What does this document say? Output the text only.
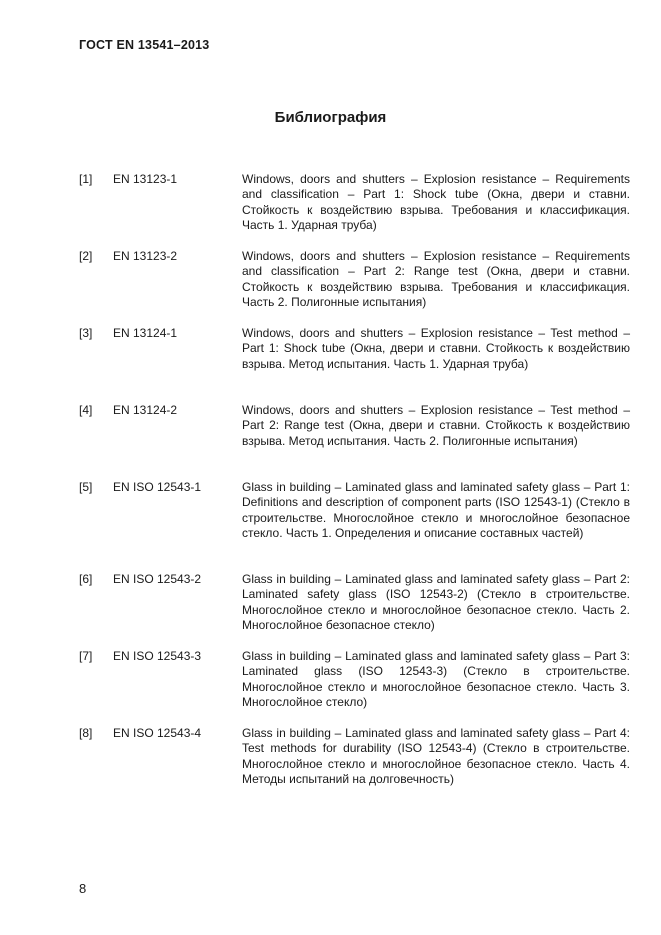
ГОСТ EN 13541–2013
Библиография
[1] EN 13123-1	Windows, doors and shutters – Explosion resistance – Requirements and classification – Part 1: Shock tube (Окна, двери и ставни. Стойкость к воздействию взрыва. Требования и классификация. Часть 1. Ударная труба)
[2] EN 13123-2	Windows, doors and shutters – Explosion resistance – Requirements and classification – Part 2: Range test (Окна, двери и ставни. Стойкость к воздействию взрыва. Требования и классификация. Часть 2. Полигонные испытания)
[3] EN 13124-1	Windows, doors and shutters – Explosion resistance – Test method – Part 1: Shock tube (Окна, двери и ставни. Стойкость к воздействию взрыва. Метод испытания. Часть 1. Ударная труба)
[4] EN 13124-2	Windows, doors and shutters – Explosion resistance – Test method – Part 2: Range test (Окна, двери и ставни. Стойкость к воздействию взрыва. Метод испытания. Часть 2. Полигонные испытания)
[5] EN ISO 12543-1	Glass in building – Laminated glass and laminated safety glass – Part 1: Definitions and description of component parts (ISO 12543-1) (Стекло в строительстве. Многослойное стекло и многослойное безопасное стекло. Часть 1. Определения и описание составных частей)
[6] EN ISO 12543-2	Glass in building – Laminated glass and laminated safety glass – Part 2: Laminated safety glass (ISO 12543-2) (Стекло в строительстве. Многослойное стекло и многослойное безопасное стекло. Часть 2. Многослойное безопасное стекло)
[7] EN ISO 12543-3	Glass in building – Laminated glass and laminated safety glass – Part 3: Laminated glass (ISO 12543-3) (Стекло в строительстве. Многослойное стекло и многослойное безопасное стекло. Часть 3. Многослойное стекло)
[8] EN ISO 12543-4	Glass in building – Laminated glass and laminated safety glass – Part 4: Test methods for durability (ISO 12543-4) (Стекло в строительстве. Многослойное стекло и многослойное безопасное стекло. Часть 4. Методы испытаний на долговечность)
8
